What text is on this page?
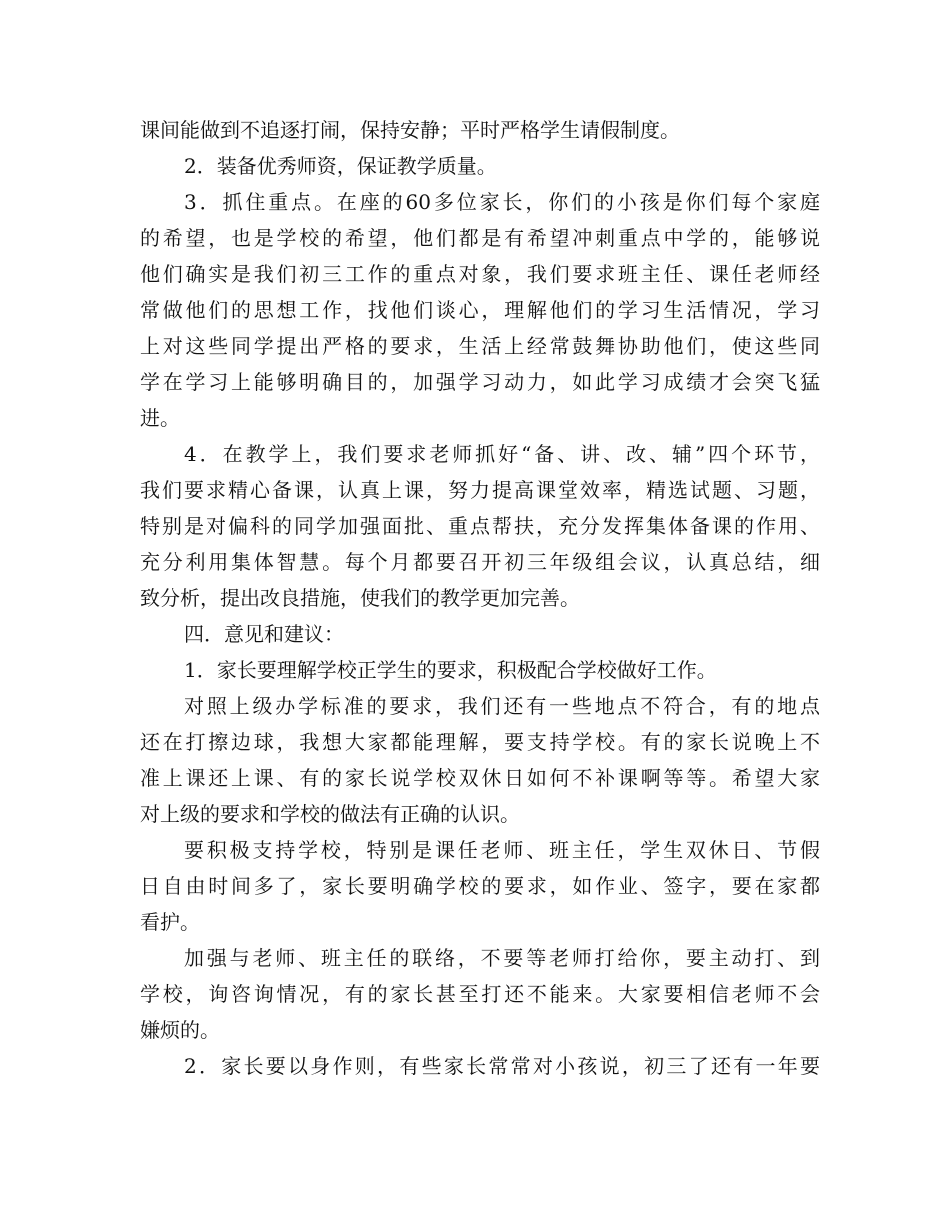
课间能做到不追逐打闹，保持安静；平时严格学生请假制度。
2．装备优秀师资，保证教学质量。
3．抓住重点。在座的60多位家长，你们的小孩是你们每个家庭
的希望，也是学校的希望，他们都是有希望冲刺重点中学的，能够说
他们确实是我们初三工作的重点对象，我们要求班主任、课任老师经
常做他们的思想工作，找他们谈心，理解他们的学习生活情况，学习
上对这些同学提出严格的要求，生活上经常鼓舞协助他们，使这些同
学在学习上能够明确目的，加强学习动力，如此学习成绩才会突飞猛
进。
4．在教学上，我们要求老师抓好“备、讲、改、辅”四个环节，
我们要求精心备课，认真上课，努力提高课堂效率，精选试题、习题，
特别是对偏科的同学加强面批、重点帮扶，充分发挥集体备课的作用、
充分利用集体智慧。每个月都要召开初三年级组会议，认真总结，细
致分析，提出改良措施，使我们的教学更加完善。
四．意见和建议：
1．家长要理解学校正学生的要求，积极配合学校做好工作。
对照上级办学标准的要求，我们还有一些地点不符合，有的地点
还在打擦边球，我想大家都能理解，要支持学校。有的家长说晚上不
准上课还上课、有的家长说学校双休日如何不补课啊等等。希望大家
对上级的要求和学校的做法有正确的认识。
要积极支持学校，特别是课任老师、班主任，学生双休日、节假
日自由时间多了，家长要明确学校的要求，如作业、签字，要在家都
看护。
加强与老师、班主任的联络，不要等老师打给你，要主动打、到
学校，询咨询情况，有的家长甚至打还不能来。大家要相信老师不会
嫌烦的。
2．家长要以身作则，有些家长常常对小孩说，初三了还有一年要
